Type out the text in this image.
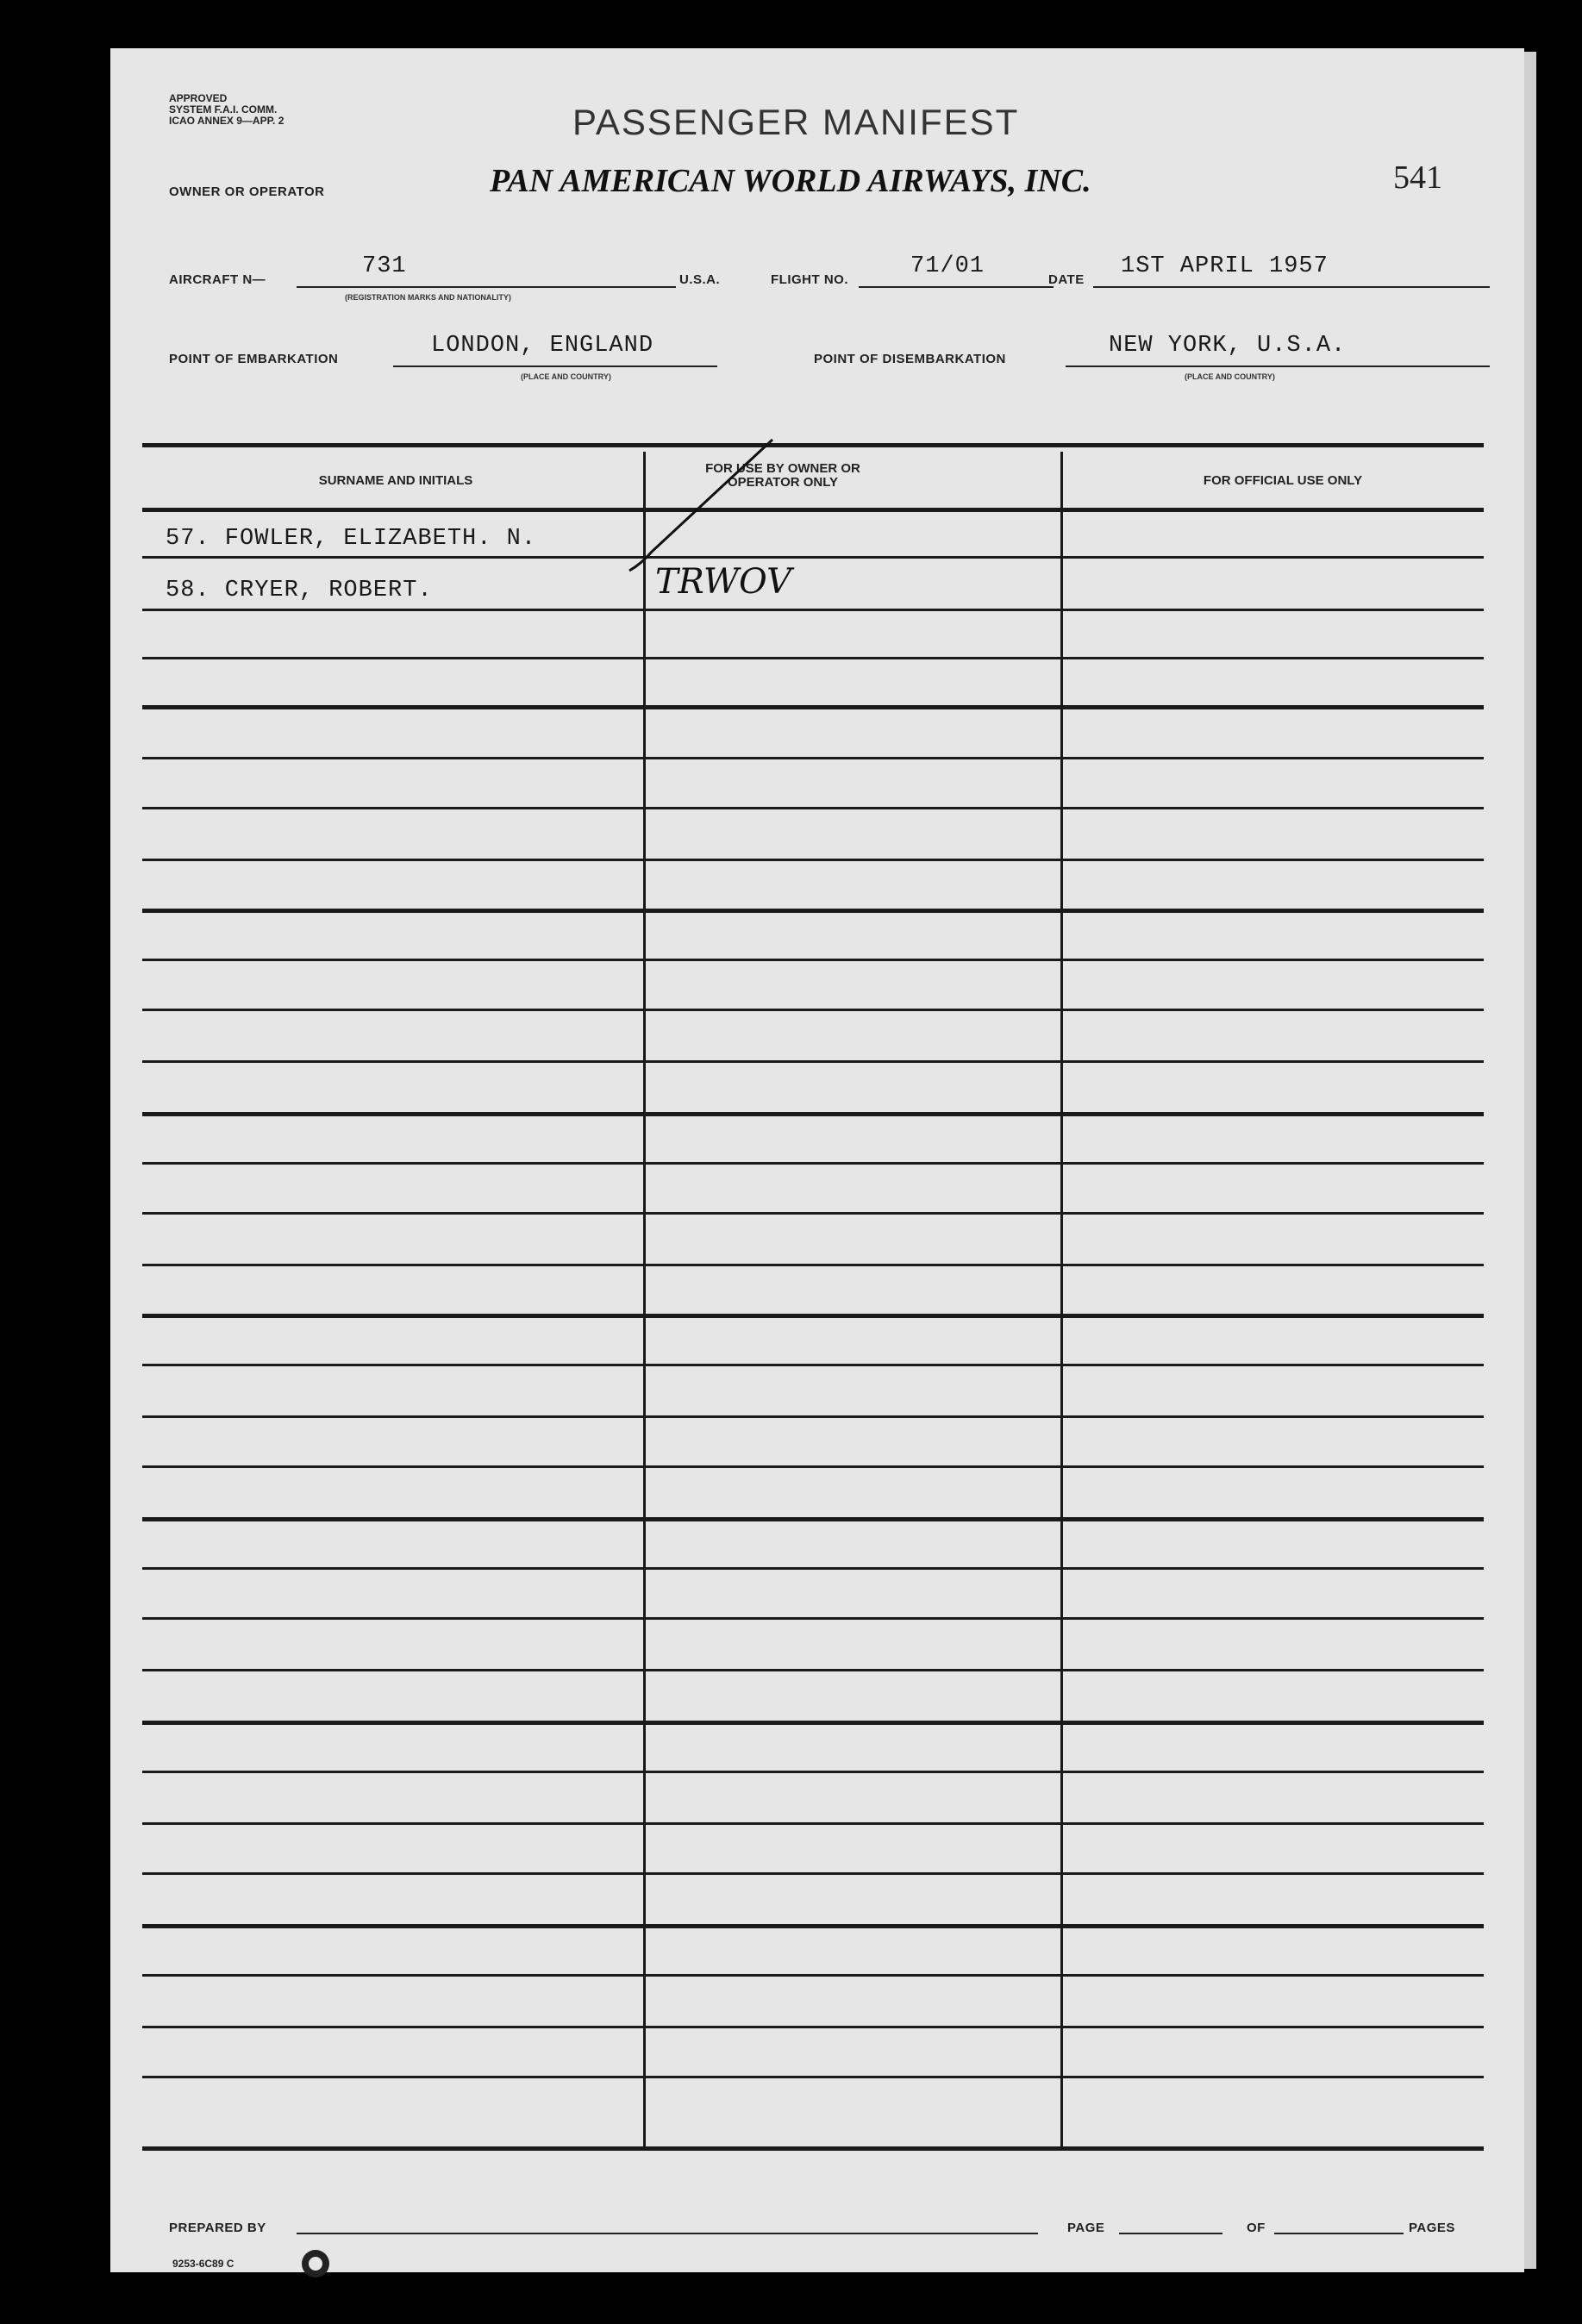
APPROVED
SYSTEM F.A.I. COMM.
ICAO ANNEX 9—APP. 2	PASSENGER MANIFEST
541
OWNER OR OPERATOR	PAN AMERICAN WORLD AIRWAYS, INC.
AIRCRAFT N—
731
(REGISTRATION MARKS AND NATIONALITY)
U.S.A.	FLIGHT NO.
71/01
DATE
1ST APRIL 1957
POINT OF EMBARKATION
LONDON, ENGLAND
(PLACE AND COUNTRY)
POINT OF DISEMBARKATION
NEW YORK, U.S.A.
(PLACE AND COUNTRY)
SURNAME AND INITIALS
FOR USE BY OWNER OR OPERATOR ONLY	FOR OFFICIAL USE ONLY
57. FOWLER, ELIZABETH. N.
58. CRYER, ROBERT.	TRWOV
PREPARED BY	PAGE	OF	PAGES
9253-6C89 C
